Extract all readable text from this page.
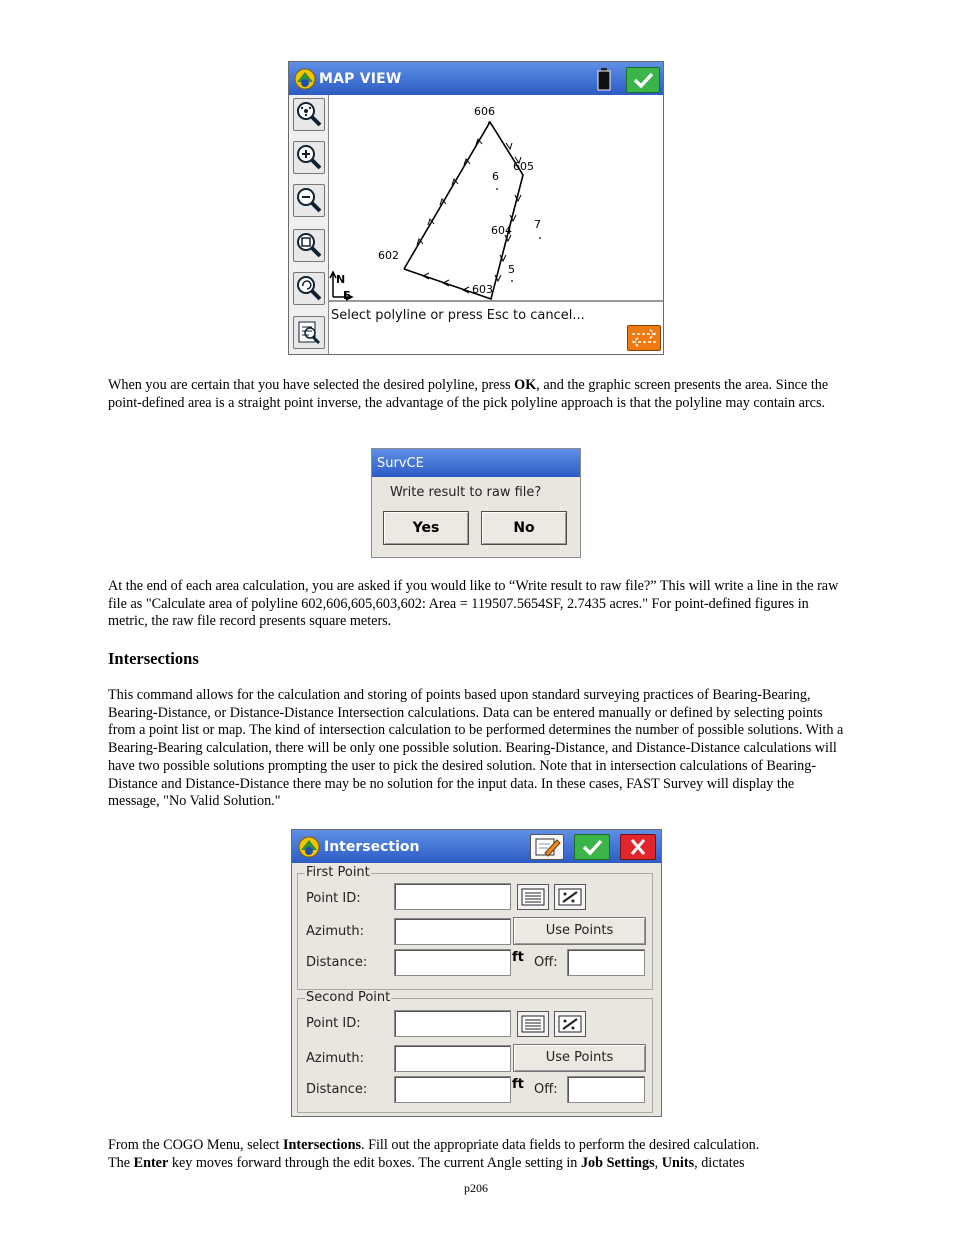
MAP VIEW
606
605
6
7
604
602
5
603
N
E
Select polyline or press Esc to cancel...

When you are certain that you have selected the desired polyline, press OK, and the graphic screen presents the area. Since the point-defined area is a straight point inverse, the advantage of the pick polyline approach is that the polyline may contain arcs.

SurvCE
Write result to raw file?
Yes	No

At the end of each area calculation, you are asked if you would like to “Write result to raw file?” This will write a line in the raw file as "Calculate area of polyline 602,606,605,603,602: Area = 119507.5654SF, 2.7435 acres." For point-defined figures in metric, the raw file record presents square meters.

Intersections

This command allows for the calculation and storing of points based upon standard surveying practices of Bearing-Bearing, Bearing-Distance, or Distance-Distance Intersection calculations. Data can be entered manually or defined by selecting points from a point list or map. The kind of intersection calculation to be performed determines the number of possible solutions. With a Bearing-Bearing calculation, there will be only one possible solution. Bearing-Distance, and Distance-Distance calculations will have two possible solutions prompting the user to pick the desired solution. Note that in intersection calculations of Bearing-Distance and Distance-Distance there may be no solution for the input data. In these cases, FAST Survey will display the message, "No Valid Solution."

Intersection
First Point
Point ID:
Azimuth:	Use Points
Distance:	ft Off:
Second Point
Point ID:
Azimuth:	Use Points
Distance:	ft Off:

From the COGO Menu, select Intersections. Fill out the appropriate data fields to perform the desired calculation.
The Enter key moves forward through the edit boxes. The current Angle setting in Job Settings, Units, dictates

p206
